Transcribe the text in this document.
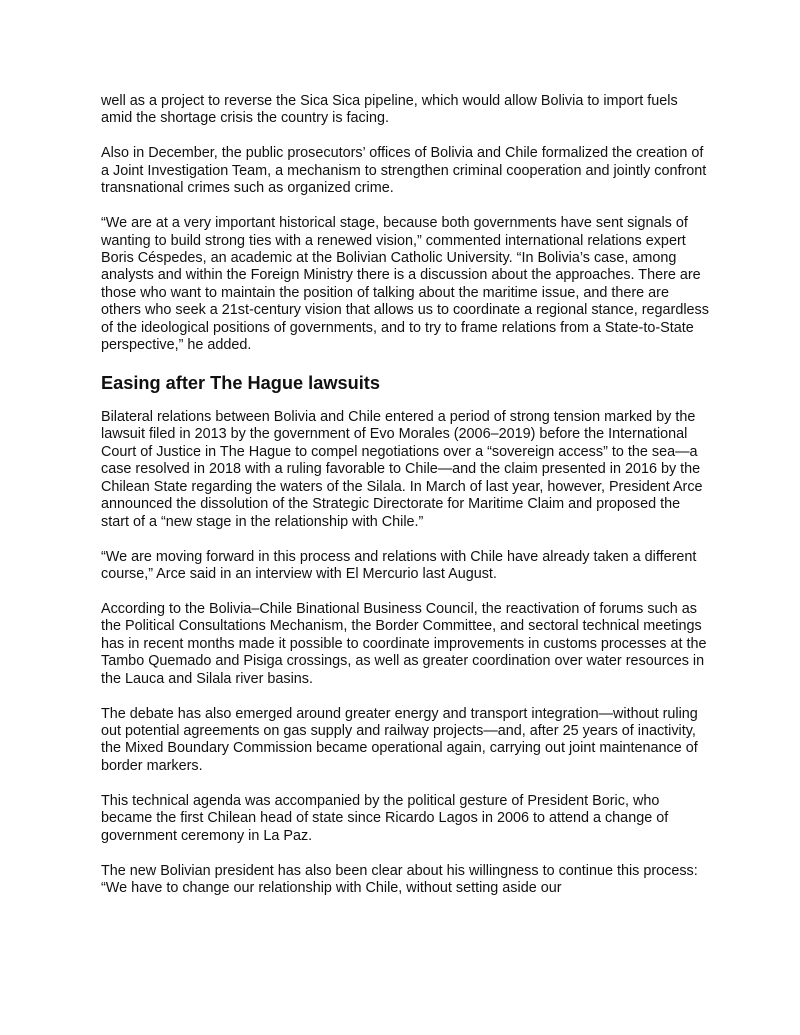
well as a project to reverse the Sica Sica pipeline, which would allow Bolivia to import fuels amid the shortage crisis the country is facing.

Also in December, the public prosecutors’ offices of Bolivia and Chile formalized the creation of a Joint Investigation Team, a mechanism to strengthen criminal cooperation and jointly confront transnational crimes such as organized crime.

“We are at a very important historical stage, because both governments have sent signals of wanting to build strong ties with a renewed vision,” commented international relations expert Boris Céspedes, an academic at the Bolivian Catholic University. “In Bolivia’s case, among analysts and within the Foreign Ministry there is a discussion about the approaches. There are those who want to maintain the position of talking about the maritime issue, and there are others who seek a 21st-century vision that allows us to coordinate a regional stance, regardless of the ideological positions of governments, and to try to frame relations from a State-to-State perspective,” he added.

Easing after The Hague lawsuits

Bilateral relations between Bolivia and Chile entered a period of strong tension marked by the lawsuit filed in 2013 by the government of Evo Morales (2006–2019) before the International Court of Justice in The Hague to compel negotiations over a “sovereign access” to the sea—a case resolved in 2018 with a ruling favorable to Chile—and the claim presented in 2016 by the Chilean State regarding the waters of the Silala. In March of last year, however, President Arce announced the dissolution of the Strategic Directorate for Maritime Claim and proposed the start of a “new stage in the relationship with Chile.”

“We are moving forward in this process and relations with Chile have already taken a different course,” Arce said in an interview with El Mercurio last August.

According to the Bolivia–Chile Binational Business Council, the reactivation of forums such as the Political Consultations Mechanism, the Border Committee, and sectoral technical meetings has in recent months made it possible to coordinate improvements in customs processes at the Tambo Quemado and Pisiga crossings, as well as greater coordination over water resources in the Lauca and Silala river basins.

The debate has also emerged around greater energy and transport integration—without ruling out potential agreements on gas supply and railway projects—and, after 25 years of inactivity, the Mixed Boundary Commission became operational again, carrying out joint maintenance of border markers.

This technical agenda was accompanied by the political gesture of President Boric, who became the first Chilean head of state since Ricardo Lagos in 2006 to attend a change of government ceremony in La Paz.

The new Bolivian president has also been clear about his willingness to continue this process: “We have to change our relationship with Chile, without setting aside our
